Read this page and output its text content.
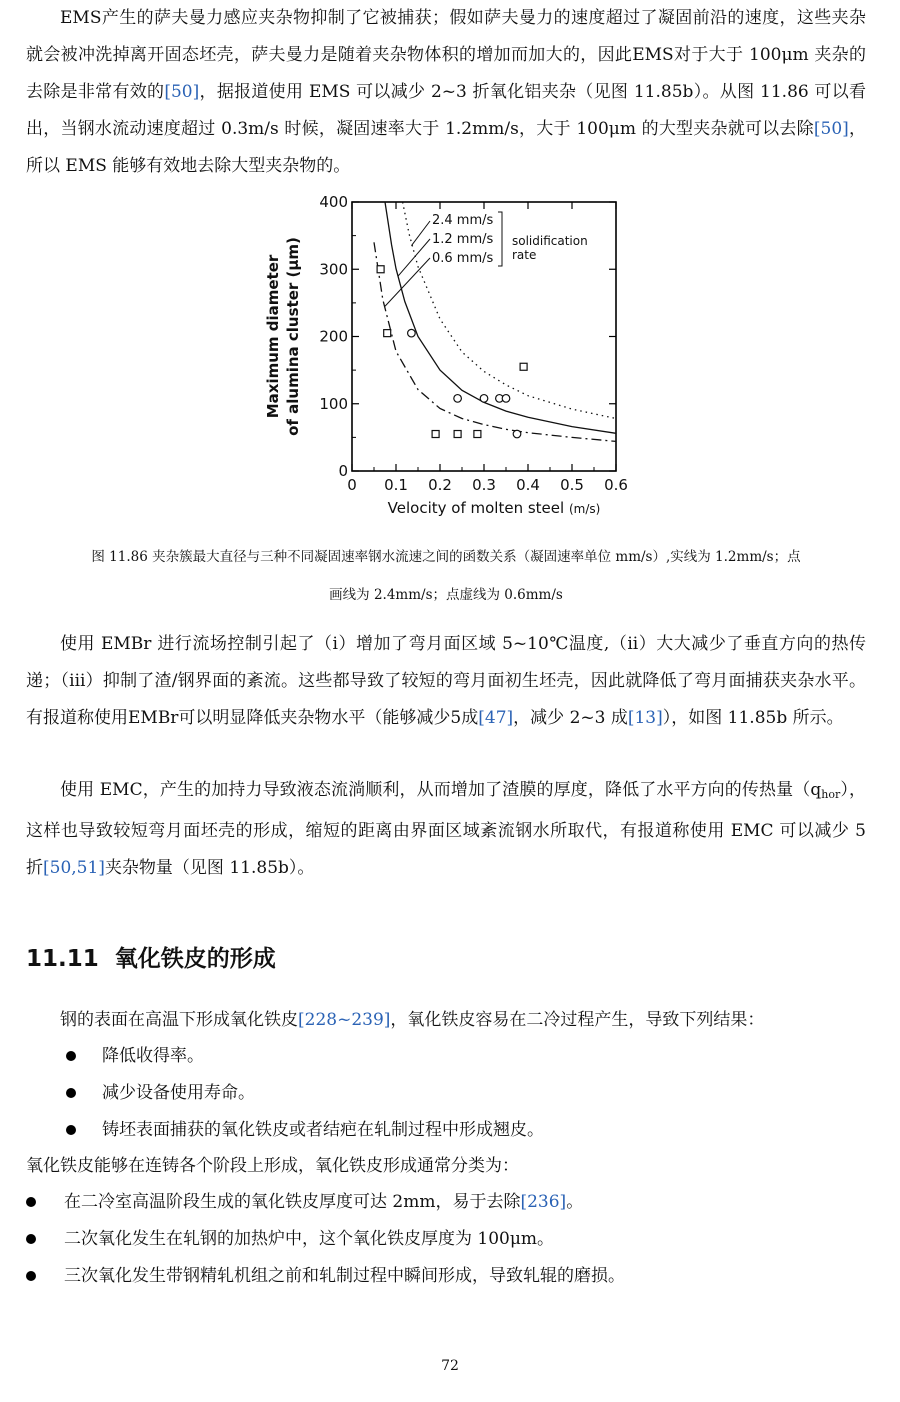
EMS产生的萨夫曼力感应夹杂物抑制了它被捕获；假如萨夫曼力的速度超过了凝固前沿的速度，这些夹杂就会被冲洗掉离开固态坯壳，萨夫曼力是随着夹杂物体积的增加而加大的，因此EMS对于大于 100μm 夹杂的去除是非常有效的[50]，据报道使用 EMS 可以减少 2~3 折氧化铝夹杂（见图 11.85b）。从图 11.86 可以看出，当钢水流动速度超过 0.3m/s 时候，凝固速率大于 1.2mm/s，大于 100μm 的大型夹杂就可以去除[50]，所以 EMS 能够有效地去除大型夹杂物的。

0 0.1 0.2 0.3 0.4 0.5 0.6
0
100
200
300
400
Velocity of molten steel (m/s)
Maximum diameter of alumina cluster (μm)
2.4 mm/s
1.2 mm/s
0.6 mm/s
solidification
rate
图 11.86 夹杂簇最大直径与三种不同凝固速率钢水流速之间的函数关系（凝固速率单位 mm/s）,实线为 1.2mm/s；点
画线为 2.4mm/s；点虚线为 0.6mm/s

使用 EMBr 进行流场控制引起了（i）增加了弯月面区域 5~10℃温度,（ii）大大减少了垂直方向的热传递；（iii）抑制了渣/钢界面的紊流。这些都导致了较短的弯月面初生坯壳，因此就降低了弯月面捕获夹杂水平。有报道称使用EMBr可以明显降低夹杂物水平（能够减少5成[47]，减少 2~3 成[13]），如图 11.85b 所示。

使用 EMC，产生的加持力导致液态流淌顺利，从而增加了渣膜的厚度，降低了水平方向的传热量$(q_{hor})$，这样也导致较短弯月面坯壳的形成，缩短的距离由界面区域紊流钢水所取代，有报道称使用 EMC 可以减少 5 折[50,51]夹杂物量（见图 11.85b）。

11.11 氧化铁皮的形成

钢的表面在高温下形成氧化铁皮[228~239]，氧化铁皮容易在二冷过程产生，导致下列结果：

降低收得率。
减少设备使用寿命。
铸坯表面捕获的氧化铁皮或者结疤在轧制过程中形成翘皮。
氧化铁皮能够在连铸各个阶段上形成，氧化铁皮形成通常分类为：
在二冷室高温阶段生成的氧化铁皮厚度可达 2mm，易于去除[236]。
二次氧化发生在轧钢的加热炉中，这个氧化铁皮厚度为 100μm。
三次氧化发生带钢精轧机组之前和轧制过程中瞬间形成，导致轧辊的磨损。
72
